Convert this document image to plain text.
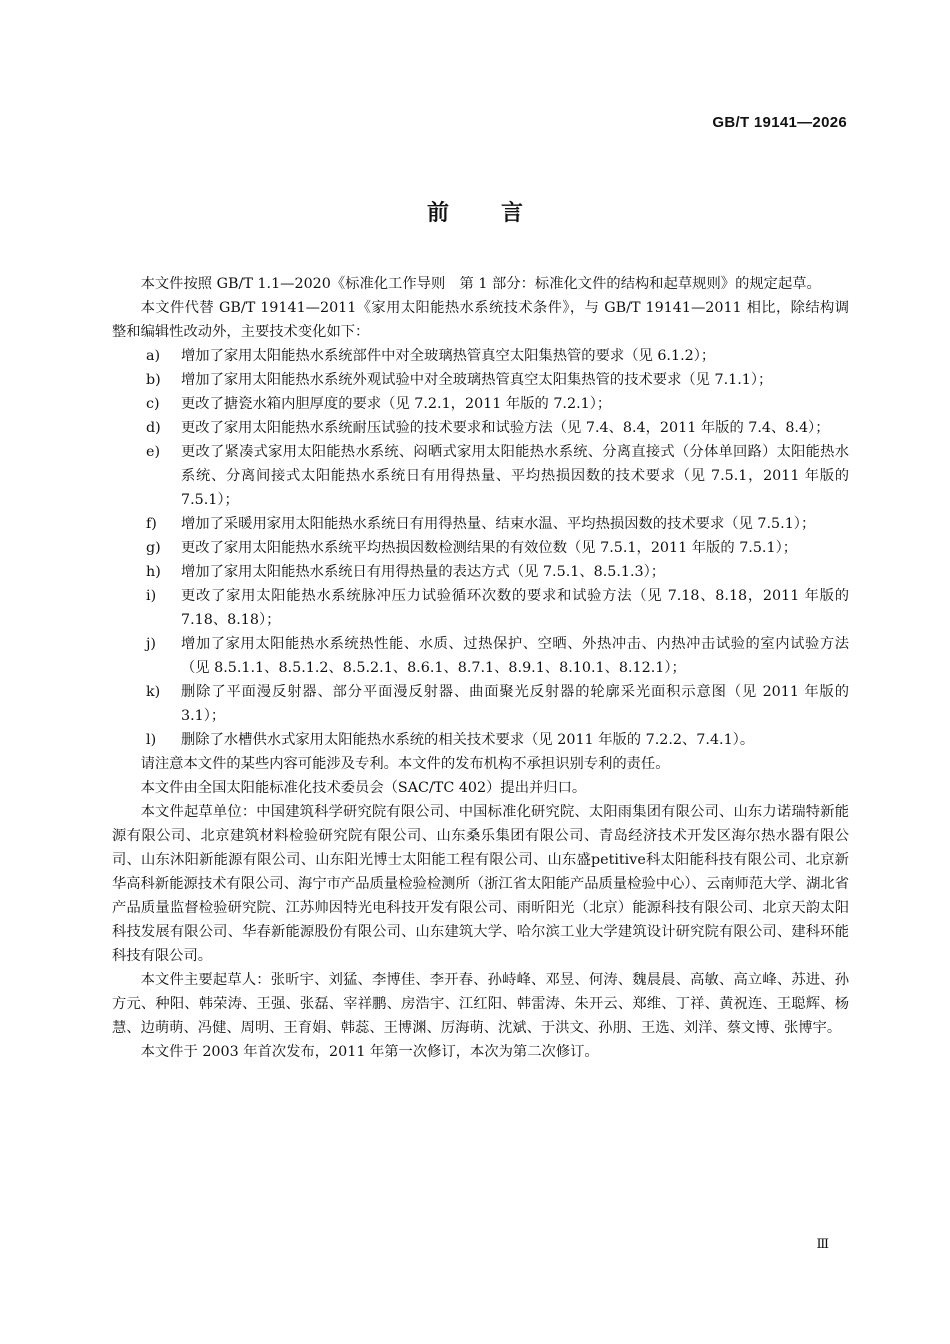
GB/T 19141—2026
前言

本文件按照 GB/T 1.1—2020《标准化工作导则　第 1 部分：标准化文件的结构和起草规则》的规定起草。

本文件代替 GB/T 19141—2011《家用太阳能热水系统技术条件》，与 GB/T 19141—2011 相比，除结构调整和编辑性改动外，主要技术变化如下：

a)	增加了家用太阳能热水系统部件中对全玻璃热管真空太阳集热管的要求（见 6.1.2）；
b)	增加了家用太阳能热水系统外观试验中对全玻璃热管真空太阳集热管的技术要求（见 7.1.1）；
c)	更改了搪瓷水箱内胆厚度的要求（见 7.2.1，2011 年版的 7.2.1）；
d)	更改了家用太阳能热水系统耐压试验的技术要求和试验方法（见 7.4、8.4，2011 年版的 7.4、8.4）；
e)	更改了紧凑式家用太阳能热水系统、闷晒式家用太阳能热水系统、分离直接式（分体单回路）太阳能热水系统、分离间接式太阳能热水系统日有用得热量、平均热损因数的技术要求（见 7.5.1，2011 年版的 7.5.1）；
f)	增加了采暖用家用太阳能热水系统日有用得热量、结束水温、平均热损因数的技术要求（见 7.5.1）；
g)	更改了家用太阳能热水系统平均热损因数检测结果的有效位数（见 7.5.1，2011 年版的 7.5.1）；
h)	增加了家用太阳能热水系统日有用得热量的表达方式（见 7.5.1、8.5.1.3）；
i)	更改了家用太阳能热水系统脉冲压力试验循环次数的要求和试验方法（见 7.18、8.18，2011 年版的 7.18、8.18）；
j)	增加了家用太阳能热水系统热性能、水质、过热保护、空晒、外热冲击、内热冲击试验的室内试验方法（见 8.5.1.1、8.5.1.2、8.5.2.1、8.6.1、8.7.1、8.9.1、8.10.1、8.12.1）；
k)	删除了平面漫反射器、部分平面漫反射器、曲面聚光反射器的轮廓采光面积示意图（见 2011 年版的 3.1）；
l)	删除了水槽供水式家用太阳能热水系统的相关技术要求（见 2011 年版的 7.2.2、7.4.1）。

请注意本文件的某些内容可能涉及专利。本文件的发布机构不承担识别专利的责任。

本文件由全国太阳能标准化技术委员会（SAC/TC 402）提出并归口。

本文件起草单位：中国建筑科学研究院有限公司、中国标准化研究院、太阳雨集团有限公司、山东力诺瑞特新能源有限公司、北京建筑材料检验研究院有限公司、山东桑乐集团有限公司、青岛经济技术开发区海尔热水器有限公司、山东沐阳新能源有限公司、山东阳光博士太阳能工程有限公司、山东盛petitive科太阳能科技有限公司、北京新华高科新能源技术有限公司、海宁市产品质量检验检测所（浙江省太阳能产品质量检验中心）、云南师范大学、湖北省产品质量监督检验研究院、江苏帅因特光电科技开发有限公司、雨昕阳光（北京）能源科技有限公司、北京天韵太阳科技发展有限公司、华春新能源股份有限公司、山东建筑大学、哈尔滨工业大学建筑设计研究院有限公司、建科环能科技有限公司。

本文件主要起草人：张昕宇、刘猛、李博佳、李开春、孙峙峰、邓昱、何涛、魏晨晨、高敏、高立峰、苏进、孙方元、种阳、韩荣涛、王强、张磊、宰祥鹏、房浩宇、江红阳、韩雷涛、朱开云、郑维、丁祥、黄祝连、王聪辉、杨慧、边萌萌、冯健、周明、王育娟、韩蕊、王博渊、厉海萌、沈斌、于洪文、孙朋、王选、刘洋、蔡文博、张博宇。

本文件于 2003 年首次发布，2011 年第一次修订，本次为第二次修订。

Ⅲ
